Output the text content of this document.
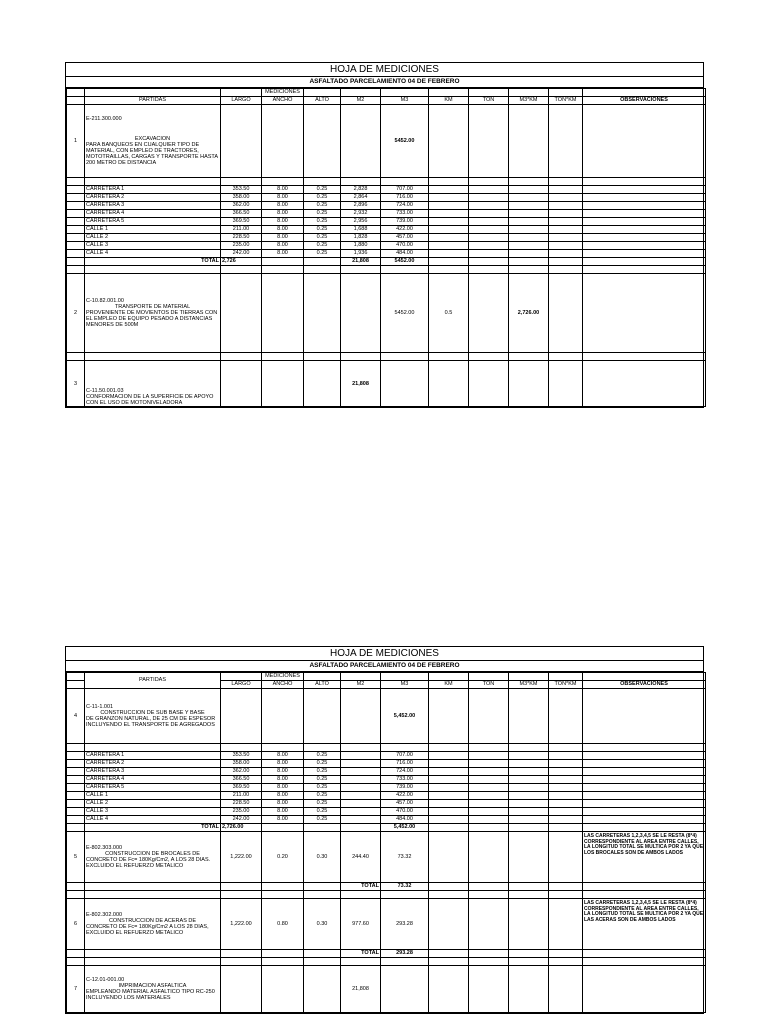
HOJA DE MEDICIONES
ASFALTADO PARCELAMIENTO 04 DE FEBRERO
			MEDICIONES								
	PARTIDAS	LARGO	ANCHO	ALTO	M2	M3	KM	TON	M3*KM	TON*KM	OBSERVACIONES
1	E-211.300.000
EXCAVACION
PARA BANQUEOS EN CUALQUIER TIPO DE MATERIAL, CON EMPLEO DE TRACTORES, MOTOTRAILLAS, CARGAS Y TRANSPORTE HASTA 200 METRO DE DISTANCIA					5452.00					

	CARRETERA 1	353.50	8.00	0.25	2,828	707.00					
	CARRETERA 2	358.00	8.00	0.25	2,864	716.00					
	CARRETERA 3	362.00	8.00	0.25	2,896	724.00					
	CARRETERA 4	366.50	8.00	0.25	2,932	733.00					
	CARRETERA 5	369.50	8.00	0.25	2,956	739.00					
	CALLE 1	211.00	8.00	0.25	1,688	422.00					
	CALLE 2	228.50	8.00	0.25	1,828	457.00					
	CALLE 3	235.00	8.00	0.25	1,880	470.00					
	CALLE 4	242.00	8.00	0.25	1,936	484.00					
	TOTAL	2,726			21,808	5452.00					

2	C-10.82.001.00
TRANSPORTE DE MATERIAL
PROVENIENTE DE MOVIENTOS DE TIERRAS CON EL EMPLEO DE EQUIPO PESADO A DISTANCIAS MENORES DE 500M					5452.00	0.5		2,726.00		

3	C-11.50.001.03
CONFORMACION DE LA SUPERFICIE DE APOYO CON EL USO DE MOTONIVELADORA				21,808						
HOJA DE MEDICIONES
ASFALTADO PARCELAMIENTO 04 DE FEBRERO
	PARTIDAS		MEDICIONES								
		LARGO	ANCHO	ALTO	M2	M3	KM	TON	M3*KM	TON*KM	OBSERVACIONES
4	C-11-1.001
CONSTRUCCION DE SUB BASE Y BASE
DE GRANZON NATURAL, DE 25 CM DE ESPESOR INCLUYENDO EL TRANSPORTE DE AGREGADOS					5,452.00					

	CARRETERA 1	353.50	8.00	0.25		707.00					
	CARRETERA 2	358.00	8.00	0.25		716.00					
	CARRETERA 3	362.00	8.00	0.25		724.00					
	CARRETERA 4	366.50	8.00	0.25		733.00					
	CARRETERA 5	369.50	8.00	0.25		739.00					
	CALLE 1	211.00	8.00	0.25		422.00					
	CALLE 2	228.50	8.00	0.25		457.00					
	CALLE 3	235.00	8.00	0.25		470.00					
	CALLE 4	242.00	8.00	0.25		484.00					
	TOTAL	2,726.00				5,452.00					
5	E-802.303.000
CONSTRUCCION DE BROCALES DE
CONCRETO DE Fc= 180Kg/Cm2, A LOS 28 DIAS. EXCLUIDO EL REFUERZO METALICO	1,222.00	0.20	0.30	244.40	73.32					LAS CARRETERAS 1,2,3,4,5 SE LE RESTA (8*4) CORRESPONDIENTE AL AREA ENTRE CALLES, LA LONGITUD TOTAL SE MULTICA POR 2 YA QUE LOS BROCALES SON DE AMBOS LADOS
					TOTAL	73.32					

6	E-802.302.000
CONSTRUCCION DE ACERAS DE
CONCRETO DE Fc= 180Kg/Cm2 A LOS 28 DIAS, EXCLUIDO EL REFUERZO METALICO	1,222.00	0.80	0.30	977.60	293.28					LAS CARRETERAS 1,2,3,4,5 SE LE RESTA (8*4) CORRESPONDIENTE AL AREA ENTRE CALLES, LA LONGITUD TOTAL SE MULTICA POR 2 YA QUE LAS ACERAS SON DE AMBOS LADOS
					TOTAL	293.28					

7	C-12.01-001.00
IMPRIMACION ASFALTICA
EMPLEANDO MATERIAL ASFALTICO TIPO RC-250 INCLUYENDO LOS MATERIALES				21,808						
